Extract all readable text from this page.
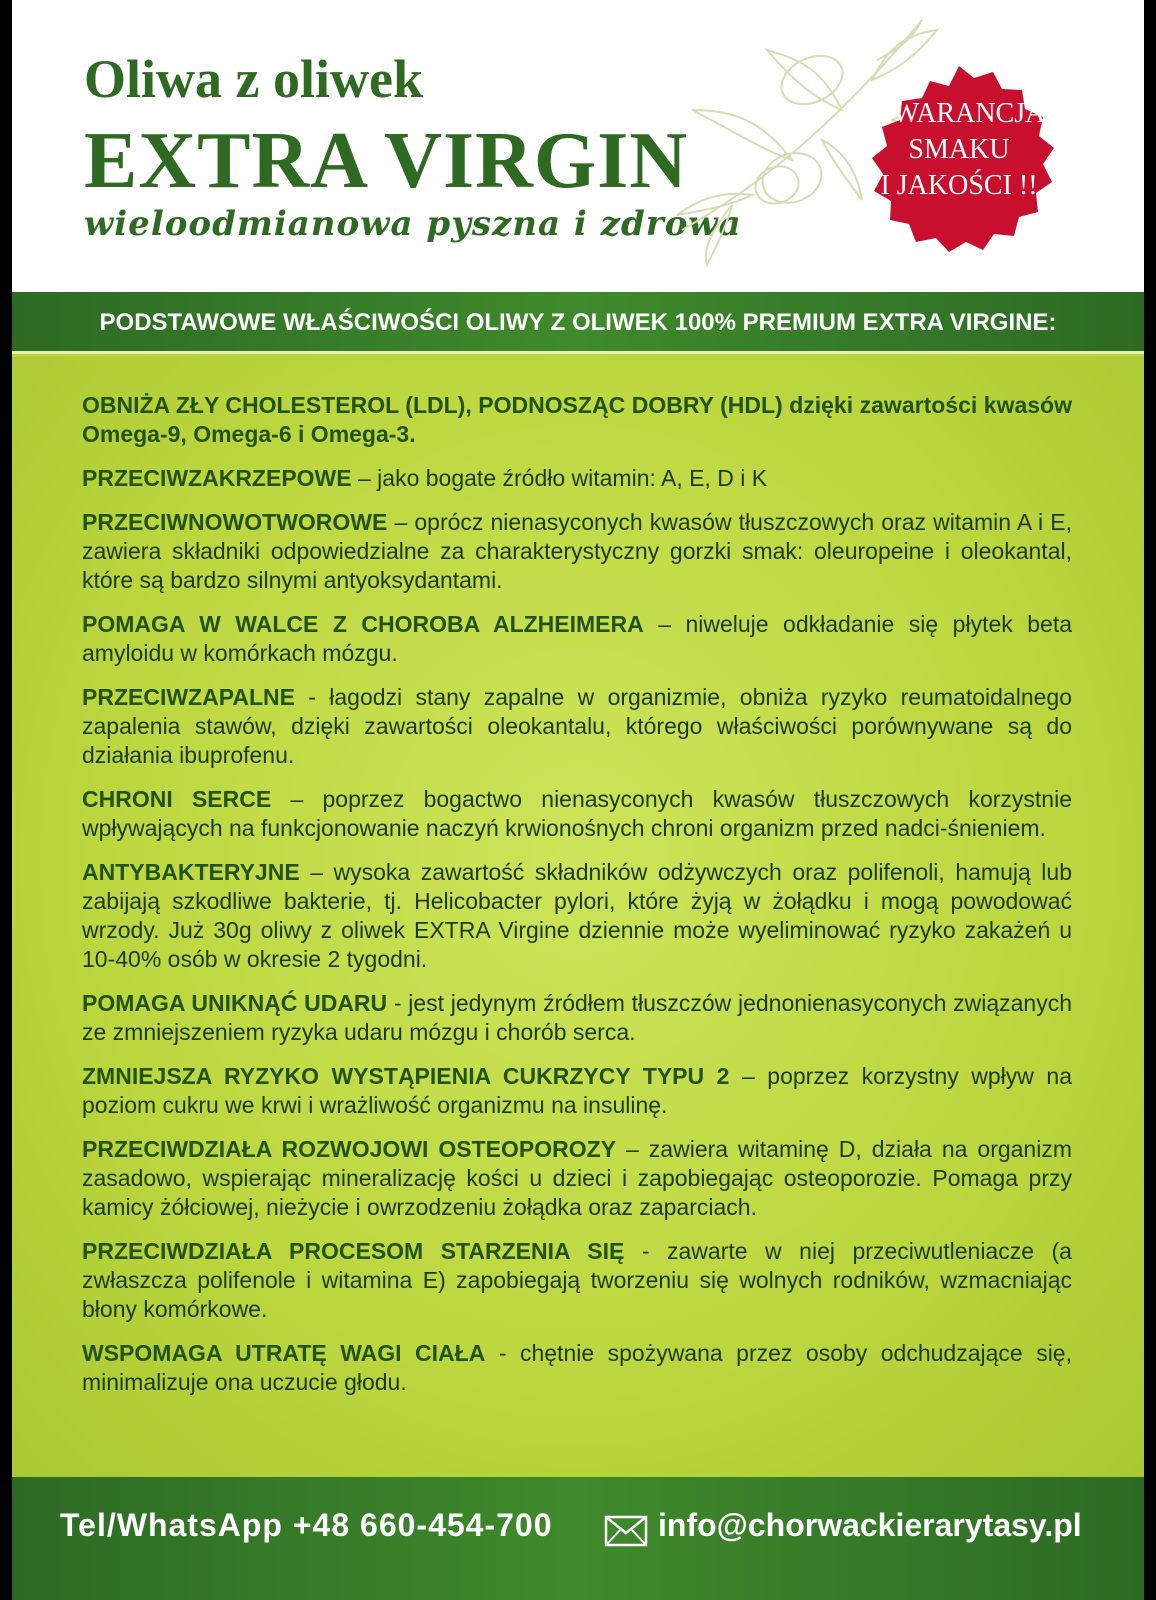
Oliwa z oliwek
EXTRA VIRGIN
wieloodmianowa pyszna i zdrowa
GWARANCJA
SMAKU
I JAKOŚCI !!
PODSTAWOWE WŁAŚCIWOŚCI OLIWY Z OLIWEK 100% PREMIUM EXTRA VIRGINE:

OBNIŻA ZŁY CHOLESTEROL (LDL), PODNOSZĄC DOBRY (HDL) dzięki zawartości kwasów Omega-9, Omega-6 i Omega-3.

PRZECIWZAKRZEPOWE – jako bogate źródło witamin: A, E, D i K

PRZECIWNOWOTWOROWE – oprócz nienasyconych kwasów tłuszczowych oraz witamin A i E, zawiera składniki odpowiedzialne za charakterystyczny gorzki smak: oleuropeine i oleokantal, które są bardzo silnymi antyoksydantami.

POMAGA W WALCE Z CHOROBA ALZHEIMERA – niweluje odkładanie się płytek beta amyloidu w komórkach mózgu.

PRZECIWZAPALNE - łagodzi stany zapalne w organizmie, obniża ryzyko reumatoidalnego zapalenia stawów, dzięki zawartości oleokantalu, którego właściwości porównywane są do działania ibuprofenu.

CHRONI SERCE – poprzez bogactwo nienasyconych kwasów tłuszczowych korzystnie wpływających na funkcjonowanie naczyń krwionośnych chroni organizm przed nadci-śnieniem.

ANTYBAKTERYJNE – wysoka zawartość składników odżywczych oraz polifenoli, hamują lub zabijają szkodliwe bakterie, tj. Helicobacter pylori, które żyją w żołądku i mogą powodować wrzody. Już 30g oliwy z oliwek EXTRA Virgine dziennie może wyeliminować ryzyko zakażeń u 10-40% osób w okresie 2 tygodni.

POMAGA UNIKNĄĆ UDARU - jest jedynym źródłem tłuszczów jednonienasyconych związanych ze zmniejszeniem ryzyka udaru mózgu i chorób serca.

ZMNIEJSZA RYZYKO WYSTĄPIENIA CUKRZYCY TYPU 2 – poprzez korzystny wpływ na poziom cukru we krwi i wrażliwość organizmu na insulinę.

PRZECIWDZIAŁA ROZWOJOWI OSTEOPOROZY – zawiera witaminę D, działa na organizm zasadowo, wspierając mineralizację kości u dzieci i zapobiegając osteoporozie. Pomaga przy kamicy żółciowej, nieżycie i owrzodzeniu żołądka oraz zaparciach.

PRZECIWDZIAŁA PROCESOM STARZENIA SIĘ - zawarte w niej przeciwutleniacze (a zwłaszcza polifenole i witamina E) zapobiegają tworzeniu się wolnych rodników, wzmacniając błony komórkowe.

WSPOMAGA UTRATĘ WAGI CIAŁA - chętnie spożywana przez osoby odchudzające się, minimalizuje ona uczucie głodu.

Tel/WhatsApp +48 660-454-700	info@chorwackierarytasy.pl
